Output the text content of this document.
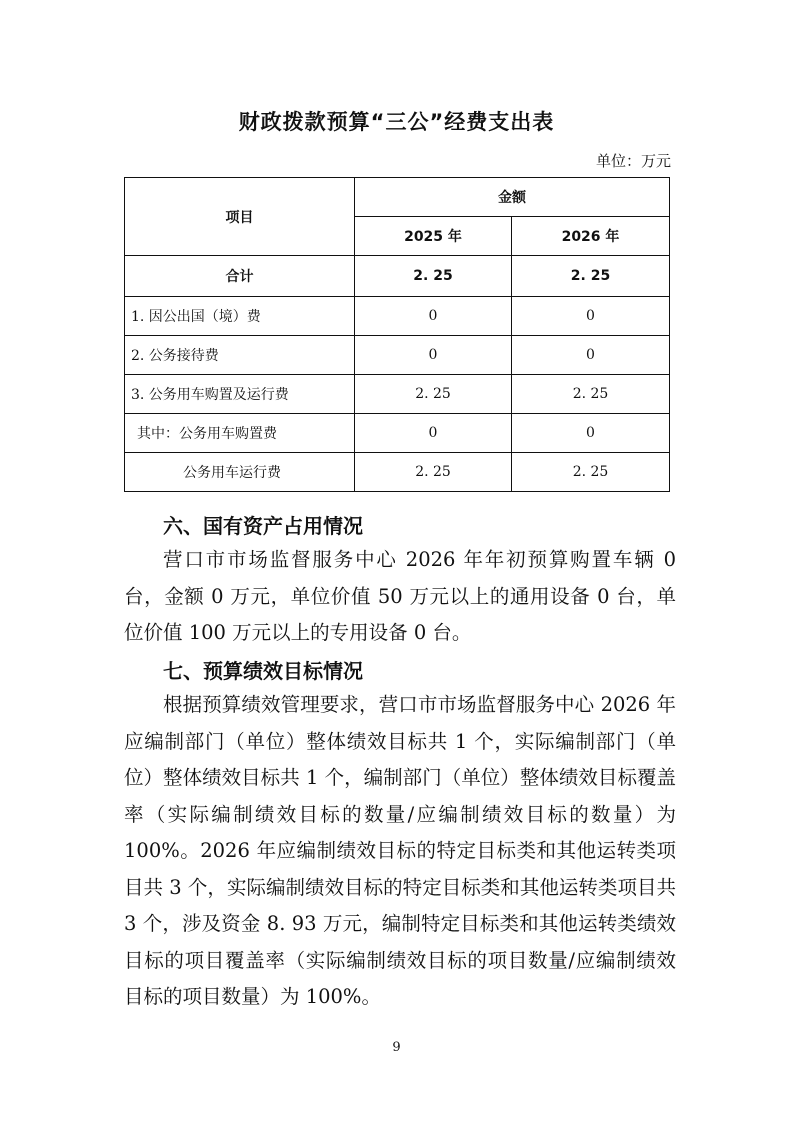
财政拨款预算“三公”经费支出表
单位：万元
项目	金额	
	2025 年	2026 年
合计	2. 25	2. 25
1. 因公出国（境）费	0	0
2. 公务接待费	0	0
3. 公务用车购置及运行费	2. 25	2. 25
其中：公务用车购置费	0	0
公务用车运行费	2. 25	2. 25
六、国有资产占用情况

营口市市场监督服务中心 2026 年年初预算购置车辆 0 台，金额 0 万元，单位价值 50 万元以上的通用设备 0 台，单位价值 100 万元以上的专用设备 0 台。

七、预算绩效目标情况

根据预算绩效管理要求，营口市市场监督服务中心 2026 年应编制部门（单位）整体绩效目标共 1 个，实际编制部门（单位）整体绩效目标共 1 个，编制部门（单位）整体绩效目标覆盖率（实际编制绩效目标的数量/应编制绩效目标的数量）为 100%。2026 年应编制绩效目标的特定目标类和其他运转类项目共 3 个，实际编制绩效目标的特定目标类和其他运转类项目共 3 个，涉及资金 8. 93 万元，编制特定目标类和其他运转类绩效目标的项目覆盖率（实际编制绩效目标的项目数量/应编制绩效目标的项目数量）为 100%。

9
